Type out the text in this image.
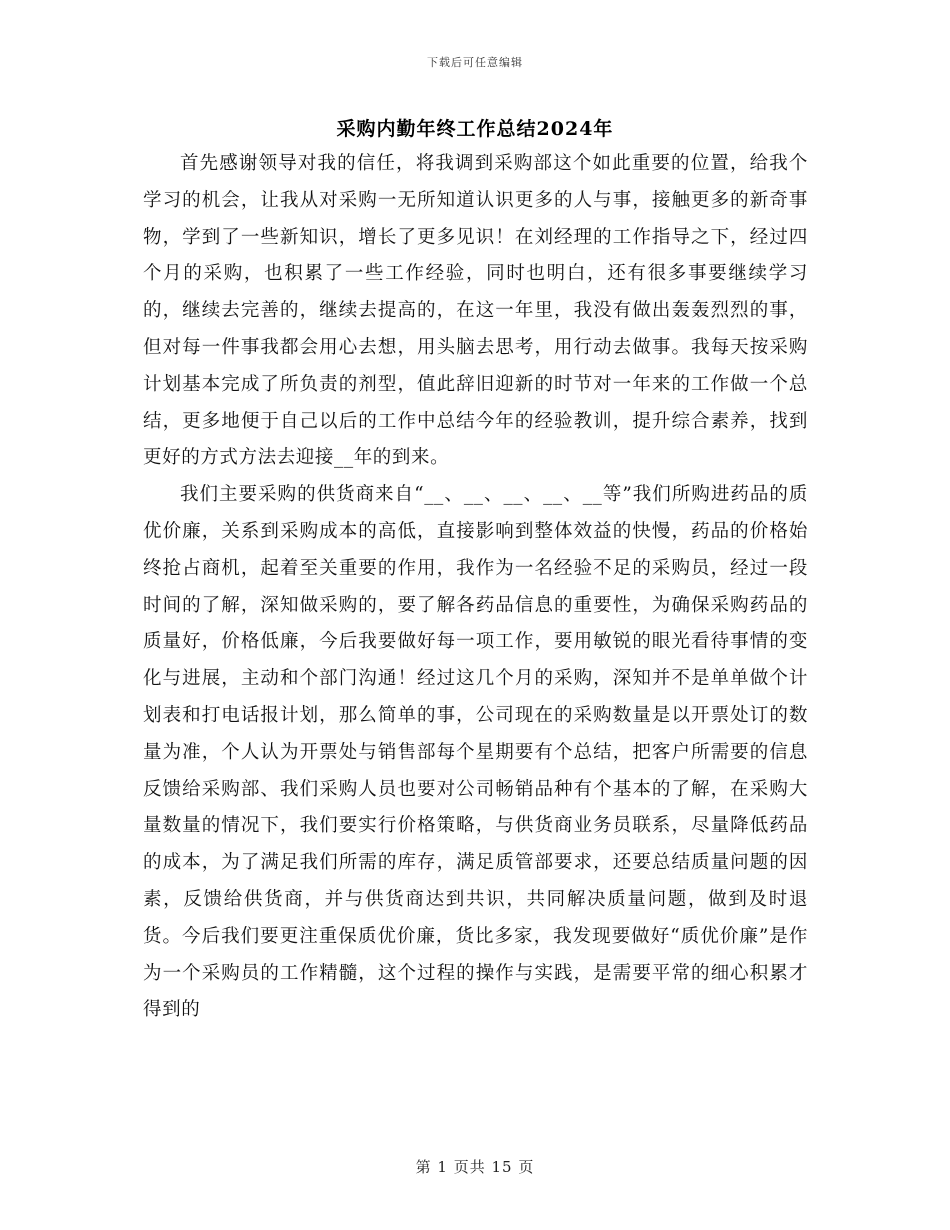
下载后可任意编辑
采购内勤年终工作总结2024年

首先感谢领导对我的信任，将我调到采购部这个如此重要的位置，给我个学习的机会，让我从对采购一无所知道认识更多的人与事，接触更多的新奇事物，学到了一些新知识，增长了更多见识！在刘经理的工作指导之下，经过四个月的采购，也积累了一些工作经验，同时也明白，还有很多事要继续学习的，继续去完善的，继续去提高的，在这一年里，我没有做出轰轰烈烈的事，但对每一件事我都会用心去想，用头脑去思考，用行动去做事。我每天按采购计划基本完成了所负责的剂型，值此辞旧迎新的时节对一年来的工作做一个总结，更多地便于自己以后的工作中总结今年的经验教训，提升综合素养，找到更好的方式方法去迎接__年的到来。

我们主要采购的供货商来自“__、__、__、__、__等”我们所购进药品的质优价廉，关系到采购成本的高低，直接影响到整体效益的快慢，药品的价格始终抢占商机，起着至关重要的作用，我作为一名经验不足的采购员，经过一段时间的了解，深知做采购的，要了解各药品信息的重要性，为确保采购药品的质量好，价格低廉，今后我要做好每一项工作，要用敏锐的眼光看待事情的变化与进展，主动和个部门沟通！经过这几个月的采购，深知并不是单单做个计划表和打电话报计划，那么简单的事，公司现在的采购数量是以开票处订的数量为准，个人认为开票处与销售部每个星期要有个总结，把客户所需要的信息反馈给采购部、我们采购人员也要对公司畅销品种有个基本的了解，在采购大量数量的情况下，我们要实行价格策略，与供货商业务员联系，尽量降低药品的成本，为了满足我们所需的库存，满足质管部要求，还要总结质量问题的因素，反馈给供货商，并与供货商达到共识，共同解决质量问题，做到及时退货。今后我们要更注重保质优价廉，货比多家，我发现要做好“质优价廉”是作为一个采购员的工作精髓，这个过程的操作与实践，是需要平常的细心积累才得到的

第 1 页共 15 页
